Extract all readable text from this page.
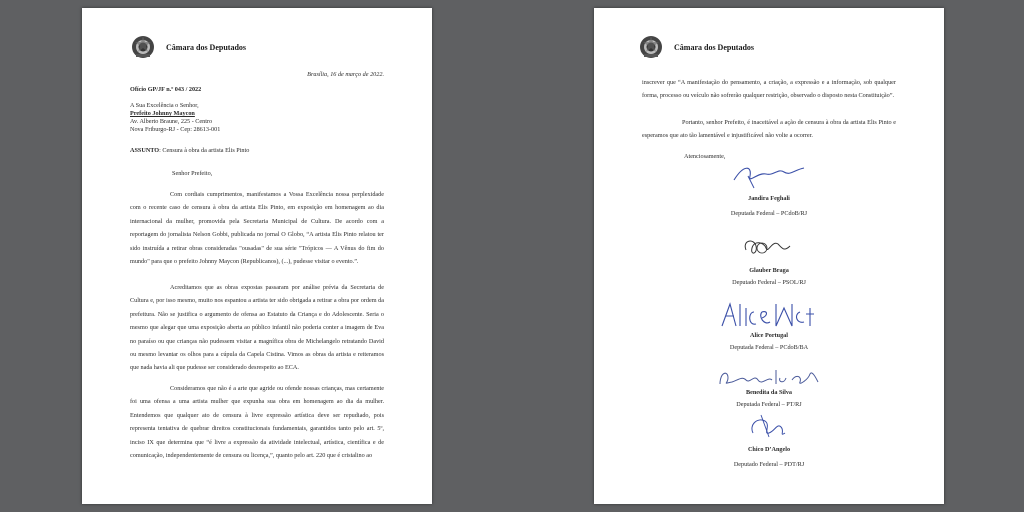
Câmara dos Deputados
Brasília, 16 de março de 2022.
Ofício GP/JF n.º 043 / 2022
A Sua Excelência o Senhor,
Prefeito Johnny Maycon
Av. Alberto Braune, 225 - Centro
Nova Friburgo-RJ - Cep: 28613-001
ASSUNTO: Censura à obra da artista Elis Pinto
Senhor Prefeito,

Com cordiais cumprimentos, manifestamos a Vossa Excelência nossa perplexidade com o recente caso de censura à obra da artista Elis Pinto, em exposição em homenagem ao dia internacional da mulher, promovida pela Secretaria Municipal de Cultura. De acordo com a reportagem do jornalista Nelson Gobbi, publicada no jornal O Globo, “A artista Elis Pinto relatou ter sido instruída a retirar obras consideradas "ousadas" de sua série "Trópicos — A Vênus do fim do mundo" para que o prefeito Johnny Maycon (Republicanos), (...), pudesse visitar o evento.”.

Acreditamos que as obras expostas passaram por análise prévia da Secretaria de Cultura e, por isso mesmo, muito nos espantou a artista ter sido obrigada a retirar a obra por ordem da prefeitura. Não se justifica o argumento de ofensa ao Estatuto da Criança e do Adolescente. Seria o mesmo que alegar que uma exposição aberta ao público infantil não poderia conter a imagem de Eva no paraíso ou que crianças não pudessem visitar a magnífica obra de Michelangelo retratando David ou mesmo levantar os olhos para a cúpula da Capela Cistina. Vimos as obras da artista e reiteramos que nada havia ali que pudesse ser considerado desrespeito ao ECA.

Consideramos que não é a arte que agride ou ofende nossas crianças, mas certamente foi uma ofensa a uma artista mulher que expunha sua obra em homenagem ao dia da mulher. Entendemos que qualquer ato de censura à livre expressão artística deve ser repudiado, pois representa tentativa de quebrar direitos constitucionais fundamentais, garantidos tanto pelo art. 5º, inciso IX que determina que “é livre a expressão da atividade intelectual, artística, científica e de comunicação, independentemente de censura ou licença,”, quanto pelo art. 220 que é cristalino ao

Câmara dos Deputados

inscrever que “A manifestação do pensamento, a criação, a expressão e a informação, sob qualquer forma, processo ou veículo não sofrerão qualquer restrição, observado o disposto nesta Constituição”.

Portanto, senhor Prefeito, é inaceitável a ação de censura à obra da artista Elis Pinto e esperamos que ato tão lamentável e injustificável não volte a ocorrer.

Atenciosamente,
Jandira Feghali
Deputada Federal – PCdoB/RJ
Glauber Braga
Deputado Federal – PSOL/RJ
Alice Portugal
Deputada Federal – PCdoB/BA
Benedita da Silva
Deputada Federal – PT/RJ
Chico D’Angelo
Deputado Federal – PDT/RJ
